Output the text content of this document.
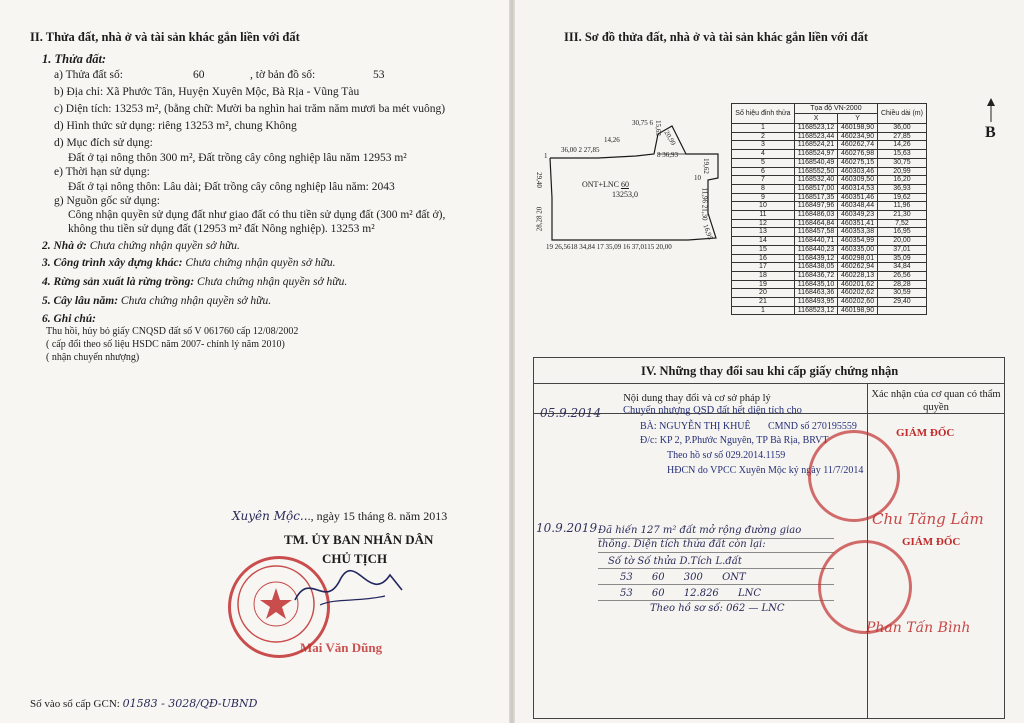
II. Thửa đất, nhà ở và tài sản khác gắn liền với đất
1. Thửa đất:
a) Thửa đất số:	60	, tờ bản đồ số:	53
b) Địa chỉ: Xã Phước Tân, Huyện Xuyên Mộc, Bà Rịa - Vũng Tàu
c) Diện tích: 13253 m², (bằng chữ: Mười ba nghìn hai trăm năm mươi ba mét vuông)
d) Hình thức sử dụng: riêng 13253 m², chung Không
d) Mục đích sử dụng:
Đất ở tại nông thôn 300 m², Đất trồng cây công nghiệp lâu năm 12953 m²
e) Thời hạn sử dụng:
Đất ở tại nông thôn: Lâu dài; Đất trồng cây công nghiệp lâu năm: 2043
g) Nguồn gốc sử dụng:
Công nhận quyền sử dụng đất như giao đất có thu tiền sử dụng đất (300 m² đất ở),
không thu tiền sử dụng đất (12953 m² đất Nông nghiệp). 13253 m²
2. Nhà ở: Chưa chứng nhận quyền sở hữu.
3. Công trình xây dựng khác: Chưa chứng nhận quyền sở hữu.
4. Rừng sản xuất là rừng trồng: Chưa chứng nhận quyền sở hữu.
5. Cây lâu năm: Chưa chứng nhận quyền sở hữu.
6. Ghi chú:
Thu hồi, hủy bỏ giấy CNQSD đất số V 061760 cấp 12/08/2002
( cấp đổi theo số liệu HSDC năm 2007- chỉnh lý năm 2010)
( nhận chuyển nhượng)
Xuyên Mộc..., ngày 15 tháng 8. năm 2013
TM. ỦY BAN NHÂN DÂN
CHỦ TỊCH
Mai Văn Dũng
Số vào sổ cấp GCN: 01583 - 3028/QĐ-UBND
III. Sơ đồ thửa đất, nhà ở và tài sản khác gắn liền với đất
B
36,00 2 27,85
14,26
30,75 6
20,99
8 36,93
19,62
1
29,40	10
28,28 20	11,96 21,30
19 26,5618 34,84 17 35,09 16 37,0115 20,00
15,63
16,95
ONT+LNC 60
13253,0
Số hiệu đỉnh thửa	Tọa độ VN-2000		Chiều dài (m)
	X	Y	
1	1168523,12	460198,90	36,00
2	1168523,44	460234,90	27,85
3	1168524,21	460262,74	14,26
4	1168524,97	460276,98	15,63
5	1168540,49	460275,15	30,75
6	1168552,50	460303,46	20,99
7	1168532,40	460309,50	16,20
8	1168517,00	460314,53	36,93
9	1168517,35	460351,46	19,62
10	1168497,96	460348,44	11,96
11	1168486,03	460349,23	21,30
12	1168464,84	460351,41	7,52
13	1168457,58	460353,38	16,95
14	1168440,71	460354,99	20,00
15	1168440,23	460335,00	37,01
16	1168439,12	460298,01	35,09
17	1168438,05	460262,94	34,84
18	1168436,72	460228,13	26,56
19	1168435,10	460201,62	28,28
20	1168463,36	460202,62	30,59
21	1168493,95	460202,60	29,40
1	1168523,12	460198,90	
IV. Những thay đổi sau khi cấp giấy chứng nhận
Nội dung thay đổi và cơ sở pháp lý	Xác nhận của cơ quan có thẩm quyền
05.9.2014 Chuyển nhượng QSD đất hết diện tích cho
BÀ: NGUYỄN THỊ KHUÊ CMND số 270195559
Đ/c: KP 2, P.Phước Nguyên, TP Bà Rịa, BRVT
Theo hồ sơ số 029.2014.1159
HĐCN do VPCC Xuyên Mộc ký ngày 11/7/2014
GIÁM ĐỐC
Chu Tăng Lâm
GIÁM ĐỐC
10.9.2019 Đã hiến 127 m² đất mở rộng đường giao thông. Diện tích thửa đất còn lại:
Số tờ Số thửa D.Tích L.đất
53 60 300 ONT
53 60 12.826 LNC
Theo hồ sơ số: 062 — LNC
Phan Tấn Bình
